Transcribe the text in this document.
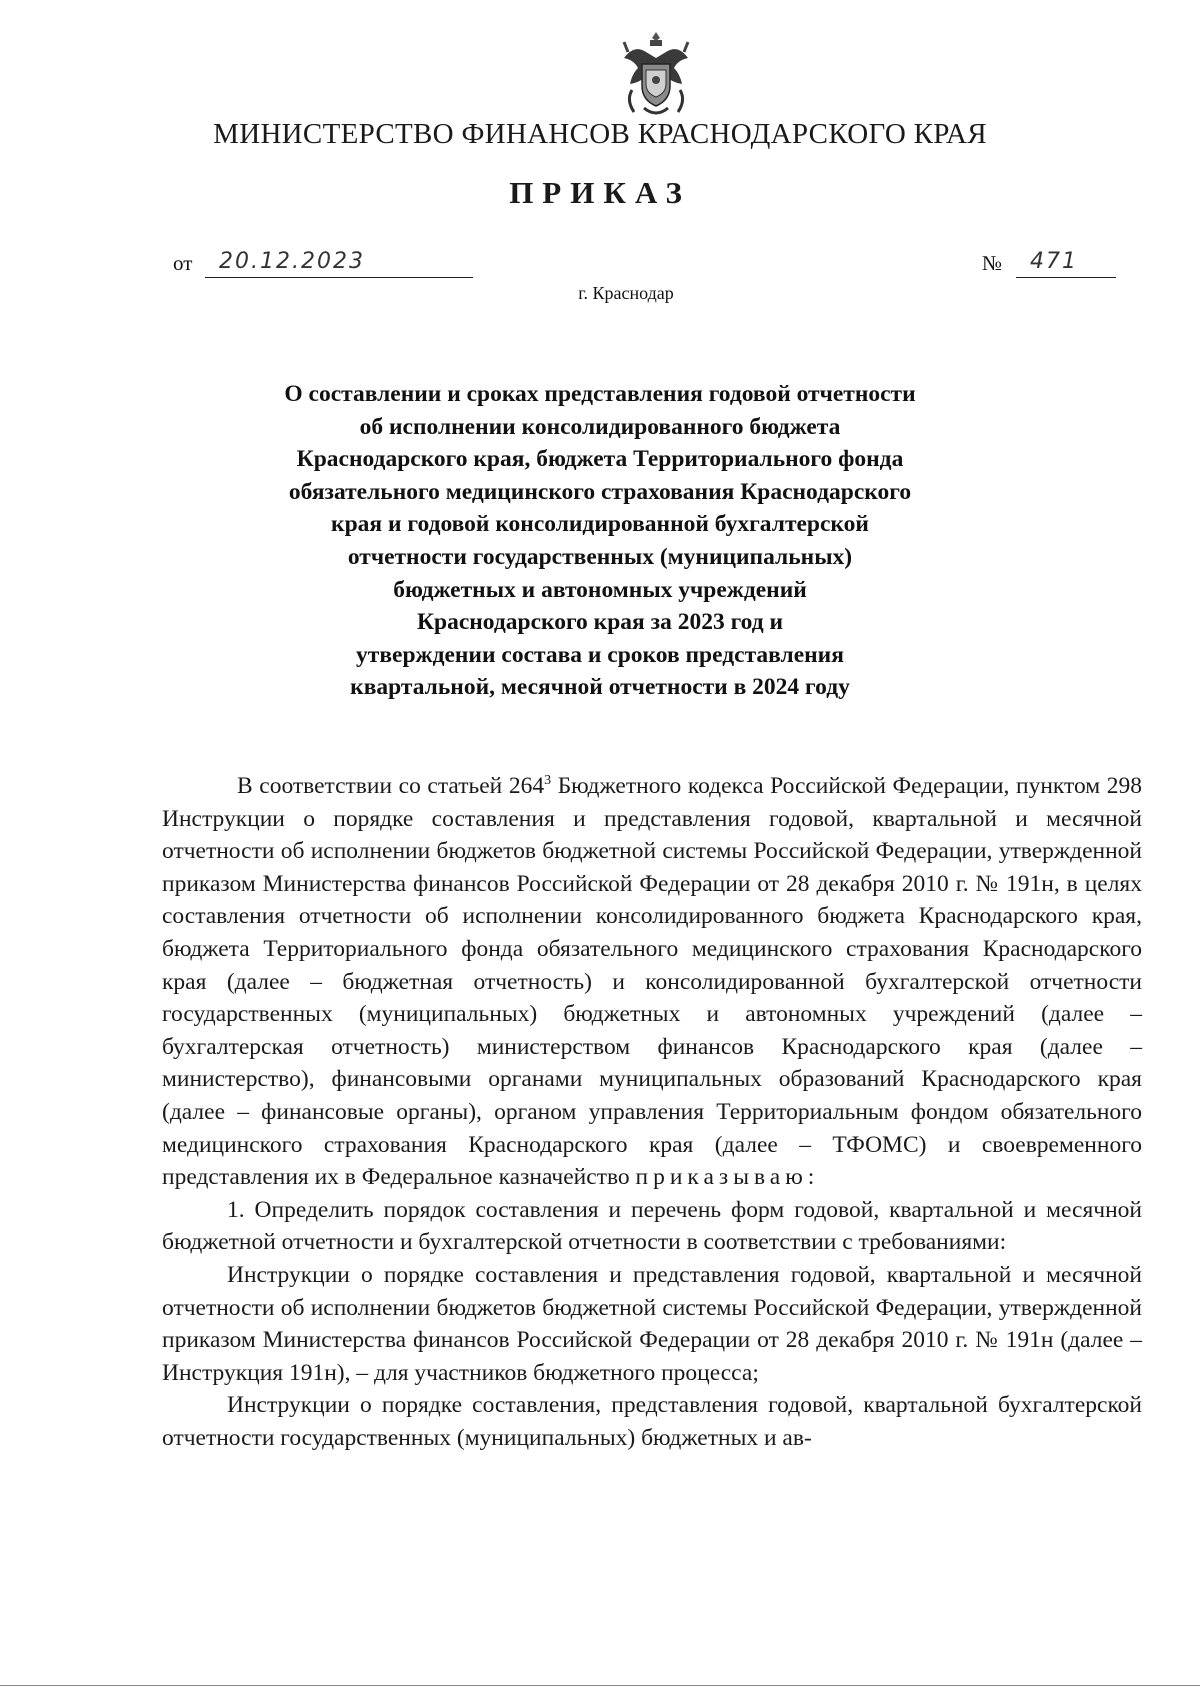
МИНИСТЕРСТВО ФИНАНСОВ КРАСНОДАРСКОГО КРАЯ
ПРИКАЗ
от 20.12.2023	№ 471
г. Краснодар
О составлении и сроках представления годовой отчетности
об исполнении консолидированного бюджета
Краснодарского края, бюджета Территориального фонда
обязательного медицинского страхования Краснодарского
края и годовой консолидированной бухгалтерской
отчетности государственных (муниципальных)
бюджетных и автономных учреждений
Краснодарского края за 2023 год и
утверждении состава и сроков представления
квартальной, месячной отчетности в 2024 году

В соответствии со статьей $264^3$ Бюджетного кодекса Российской Федерации, пунктом 298 Инструкции о порядке составления и представления годовой, квартальной и месячной отчетности об исполнении бюджетов бюджетной системы Российской Федерации, утвержденной приказом Министерства финансов Российской Федерации от 28 декабря 2010 г. № 191н, в целях составления отчетности об исполнении консолидированного бюджета Краснодарского края, бюджета Территориального фонда обязательного медицинского страхования Краснодарского края (далее – бюджетная отчетность) и консолидированной бухгалтерской отчетности государственных (муниципальных) бюджетных и автономных учреждений (далее – бухгалтерская отчетность) министерством финансов Краснодарского края (далее – министерство), финансовыми органами муниципальных образований Краснодарского края (далее – финансовые органы), органом управления Территориальным фондом обязательного медицинского страхования Краснодарского края (далее – ТФОМС) и своевременного представления их в Федеральное казначейство приказываю:

1. Определить порядок составления и перечень форм годовой, квартальной и месячной бюджетной отчетности и бухгалтерской отчетности в соответствии с требованиями:

Инструкции о порядке составления и представления годовой, квартальной и месячной отчетности об исполнении бюджетов бюджетной системы Российской Федерации, утвержденной приказом Министерства финансов Российской Федерации от 28 декабря 2010 г. № 191н (далее – Инструкция 191н), – для участников бюджетного процесса;

Инструкции о порядке составления, представления годовой, квартальной бухгалтерской отчетности государственных (муниципальных) бюджетных и ав-
